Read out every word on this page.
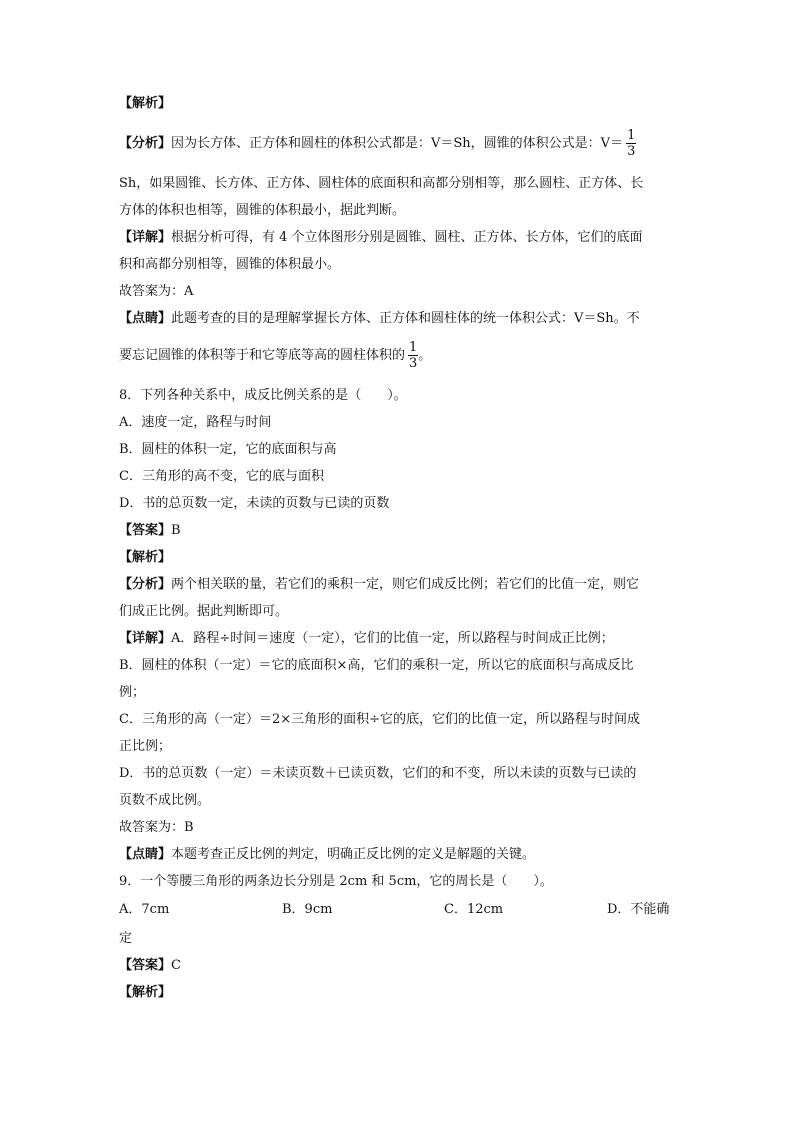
【解析】
【分析】因为长方体、正方体和圆柱的体积公式都是：V＝Sh，圆锥的体积公式是：$V= \frac{1}{3}$
Sh，如果圆锥、长方体、正方体、圆柱体的底面积和高都分别相等，那么圆柱、正方体、长
方体的体积也相等，圆锥的体积最小，据此判断。
【详解】根据分析可得，有 4 个立体图形分别是圆锥、圆柱、正方体、长方体，它们的底面
积和高都分别相等，圆锥的体积最小。
故答案为：A
【点睛】此题考查的目的是理解掌握长方体、正方体和圆柱体的统一体积公式：V＝Sh。不
要忘记圆锥的体积等于和它等底等高的圆柱体积的 $\frac{1}{3}$ 。
8．下列各种关系中，成反比例关系的是（　　）。
A．速度一定，路程与时间
B．圆柱的体积一定，它的底面积与高
C．三角形的高不变，它的底与面积
D．书的总页数一定，未读的页数与已读的页数
【答案】B
【解析】
【分析】两个相关联的量，若它们的乘积一定，则它们成反比例；若它们的比值一定，则它
们成正比例。据此判断即可。
【详解】A．路程÷时间＝速度（一定），它们的比值一定，所以路程与时间成正比例；
B．圆柱的体积（一定）＝它的底面积×高，它们的乘积一定，所以它的底面积与高成反比
例；
C．三角形的高（一定）＝2×三角形的面积÷它的底，它们的比值一定，所以路程与时间成
正比例；
D．书的总页数（一定）＝未读页数＋已读页数，它们的和不变，所以未读的页数与已读的
页数不成比例。
故答案为：B
【点睛】本题考查正反比例的判定，明确正反比例的定义是解题的关键。
9．一个等腰三角形的两条边长分别是 2cm 和 5cm，它的周长是（　　）。
A．7cm	B．9cm	C．12cm	D．不能确
定
【答案】C
【解析】
